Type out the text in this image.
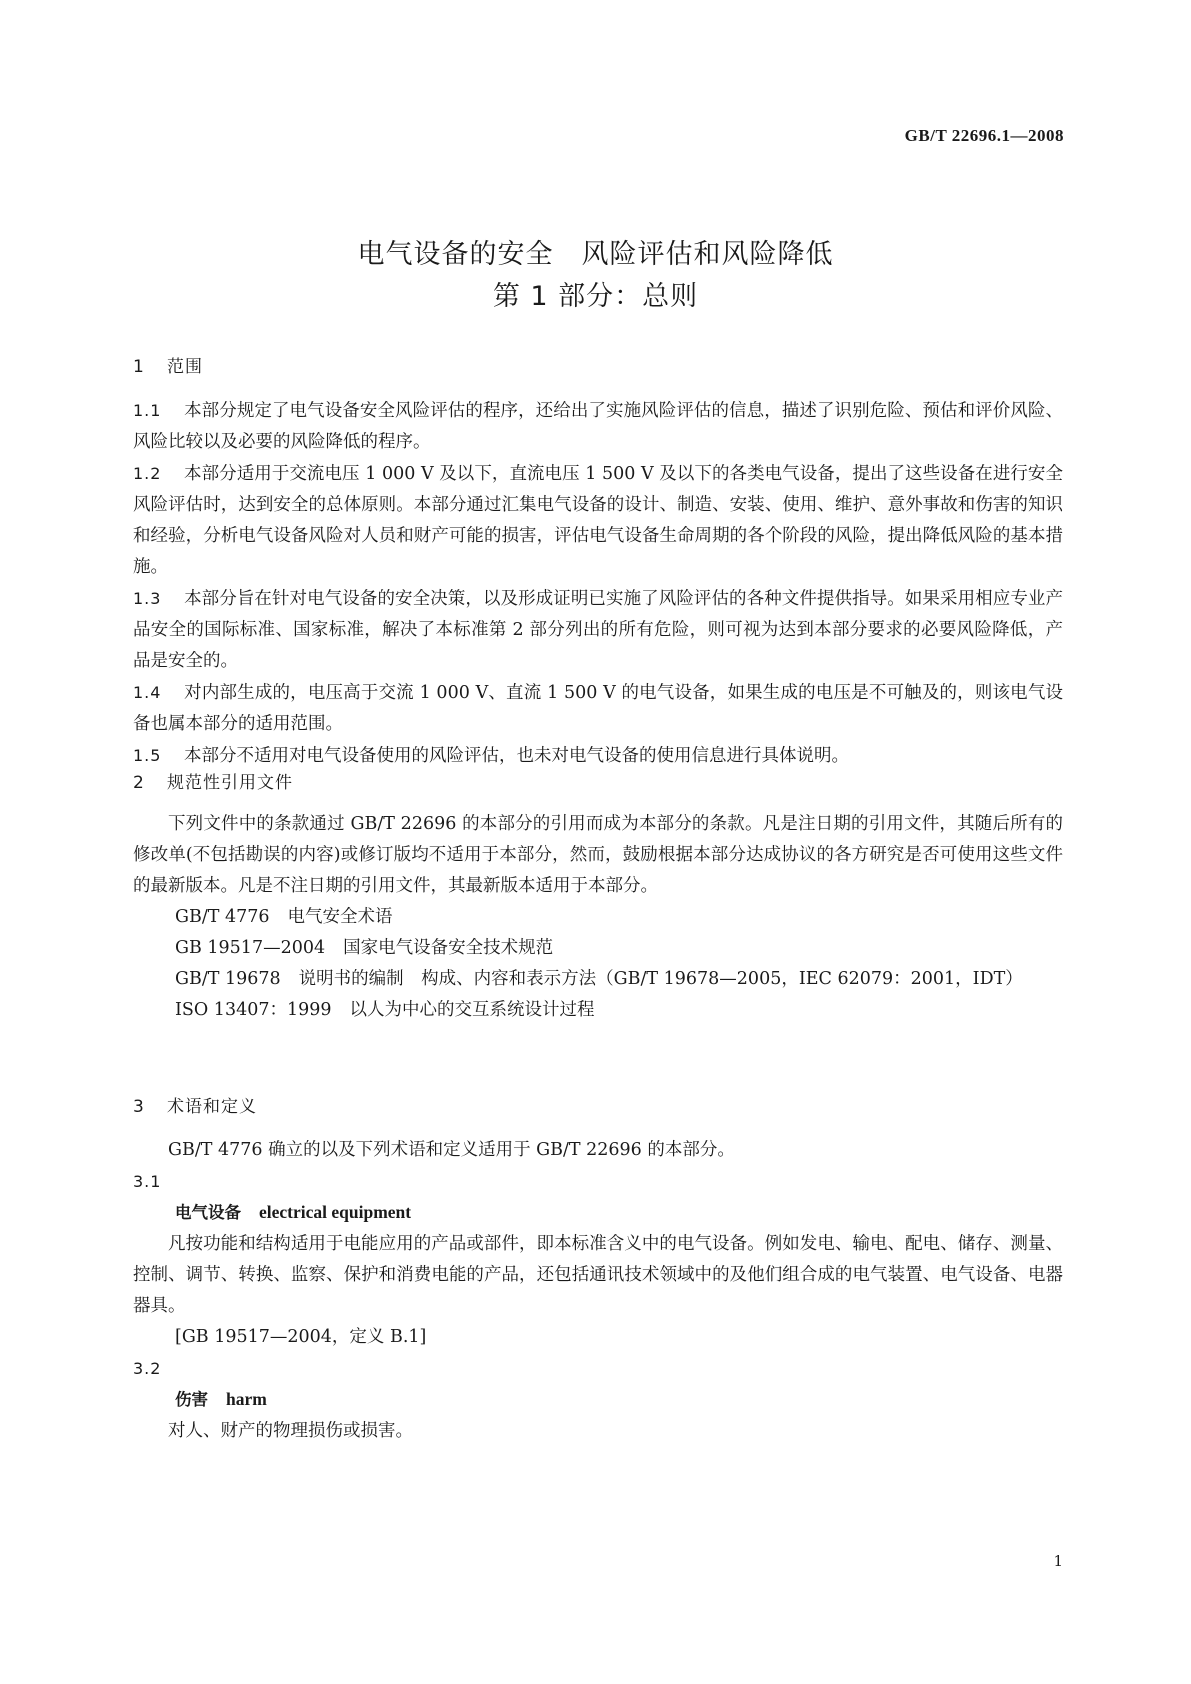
GB/T 22696.1—2008
电气设备的安全　风险评估和风险降低
第 1 部分：总则
1 范围
1.1 本部分规定了电气设备安全风险评估的程序，还给出了实施风险评估的信息，描述了识别危险、预估和评价风险、风险比较以及必要的风险降低的程序。
1.2 本部分适用于交流电压 1 000 V 及以下，直流电压 1 500 V 及以下的各类电气设备，提出了这些设备在进行安全风险评估时，达到安全的总体原则。本部分通过汇集电气设备的设计、制造、安装、使用、维护、意外事故和伤害的知识和经验，分析电气设备风险对人员和财产可能的损害，评估电气设备生命周期的各个阶段的风险，提出降低风险的基本措施。
1.3 本部分旨在针对电气设备的安全决策，以及形成证明已实施了风险评估的各种文件提供指导。如果采用相应专业产品安全的国际标准、国家标准，解决了本标准第 2 部分列出的所有危险，则可视为达到本部分要求的必要风险降低，产品是安全的。
1.4 对内部生成的，电压高于交流 1 000 V、直流 1 500 V 的电气设备，如果生成的电压是不可触及的，则该电气设备也属本部分的适用范围。
1.5 本部分不适用对电气设备使用的风险评估，也未对电气设备的使用信息进行具体说明。
2 规范性引用文件
下列文件中的条款通过 GB/T 22696 的本部分的引用而成为本部分的条款。凡是注日期的引用文件，其随后所有的修改单(不包括勘误的内容)或修订版均不适用于本部分，然而，鼓励根据本部分达成协议的各方研究是否可使用这些文件的最新版本。凡是不注日期的引用文件，其最新版本适用于本部分。
GB/T 4776 电气安全术语
GB 19517—2004 国家电气设备安全技术规范
GB/T 19678 说明书的编制　构成、内容和表示方法（GB/T 19678—2005，IEC 62079：2001，IDT）
ISO 13407：1999 以人为中心的交互系统设计过程
3 术语和定义
GB/T 4776 确立的以及下列术语和定义适用于 GB/T 22696 的本部分。
3.1
电气设备 electrical equipment
凡按功能和结构适用于电能应用的产品或部件，即本标准含义中的电气设备。例如发电、输电、配电、储存、测量、控制、调节、转换、监察、保护和消费电能的产品，还包括通讯技术领域中的及他们组合成的电气装置、电气设备、电器器具。
[GB 19517—2004，定义 B.1]
3.2
伤害 harm
对人、财产的物理损伤或损害。
1
